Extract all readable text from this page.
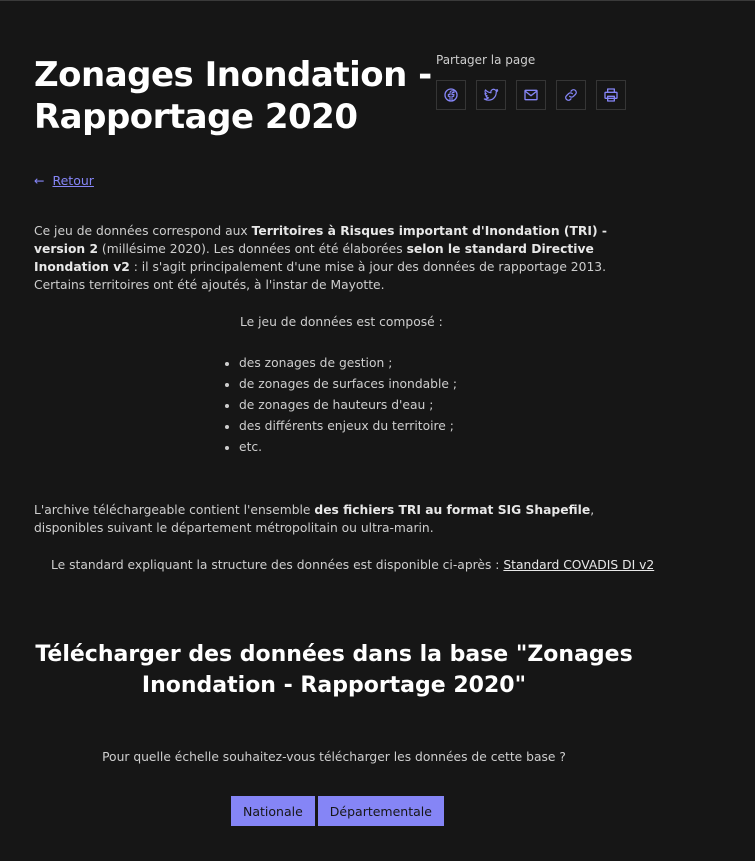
Zonages Inondation - Rapportage 2020
Partager la page
← Retour

Ce jeu de données correspond aux Territoires à Risques important d'Inondation (TRI) - version 2 (millésime 2020). Les données ont été élaborées selon le standard Directive Inondation v2 : il s'agit principalement d'une mise à jour des données de rapportage 2013. Certains territoires ont été ajoutés, à l'instar de Mayotte.

Le jeu de données est composé :
• des zonages de gestion ;
• de zonages de surfaces inondable ;
• de zonages de hauteurs d'eau ;
• des différents enjeux du territoire ;
• etc.

L'archive téléchargeable contient l'ensemble des fichiers TRI au format SIG Shapefile, disponibles suivant le département métropolitain ou ultra-marin.

Le standard expliquant la structure des données est disponible ci-après : Standard COVADIS DI v2
Télécharger des données dans la base "Zonages Inondation - Rapportage 2020"
Pour quelle échelle souhaitez-vous télécharger les données de cette base ?
Nationale	Départementale
